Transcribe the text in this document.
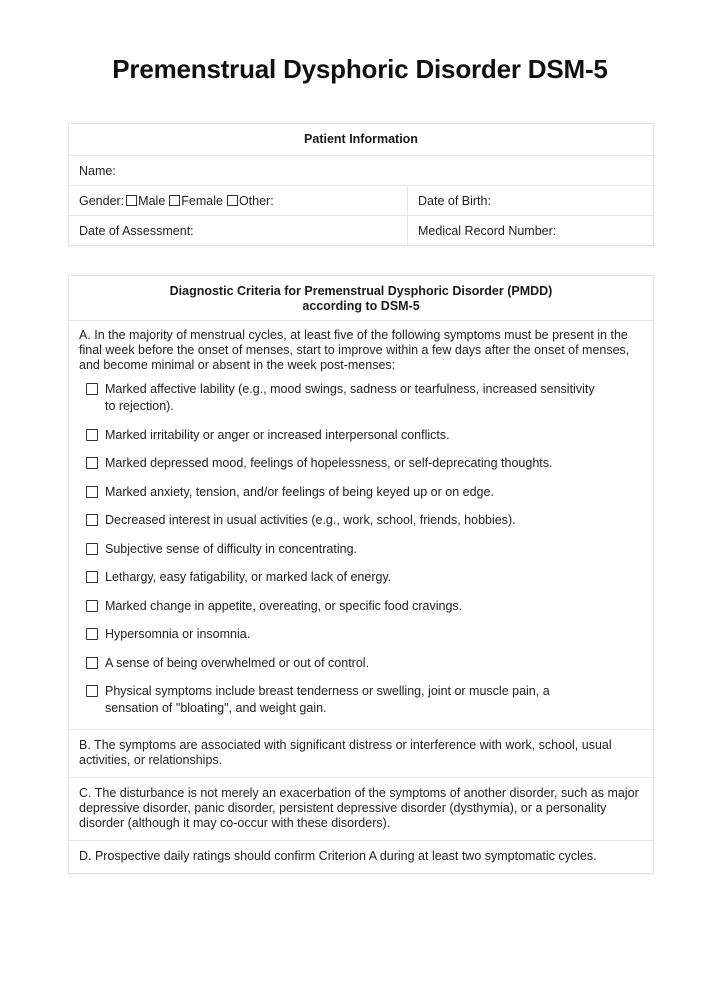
Premenstrual Dysphoric Disorder DSM-5
Patient Information
Name:
Gender: Male Female Other:	Date of Birth:
Date of Assessment:	Medical Record Number:
Diagnostic Criteria for Premenstrual Dysphoric Disorder (PMDD)
according to DSM-5
A. In the majority of menstrual cycles, at least five of the following symptoms must be present in the final week before the onset of menses, start to improve within a few days after the onset of menses, and become minimal or absent in the week post-menses:
Marked affective lability (e.g., mood swings, sadness or tearfulness, increased sensitivity to rejection).
Marked irritability or anger or increased interpersonal conflicts.
Marked depressed mood, feelings of hopelessness, or self-deprecating thoughts.
Marked anxiety, tension, and/or feelings of being keyed up or on edge.
Decreased interest in usual activities (e.g., work, school, friends, hobbies).
Subjective sense of difficulty in concentrating.
Lethargy, easy fatigability, or marked lack of energy.
Marked change in appetite, overeating, or specific food cravings.
Hypersomnia or insomnia.
A sense of being overwhelmed or out of control.
Physical symptoms include breast tenderness or swelling, joint or muscle pain, a sensation of "bloating", and weight gain.
B. The symptoms are associated with significant distress or interference with work, school, usual activities, or relationships.
C. The disturbance is not merely an exacerbation of the symptoms of another disorder, such as major depressive disorder, panic disorder, persistent depressive disorder (dysthymia), or a personality disorder (although it may co-occur with these disorders).
D. Prospective daily ratings should confirm Criterion A during at least two symptomatic cycles.
